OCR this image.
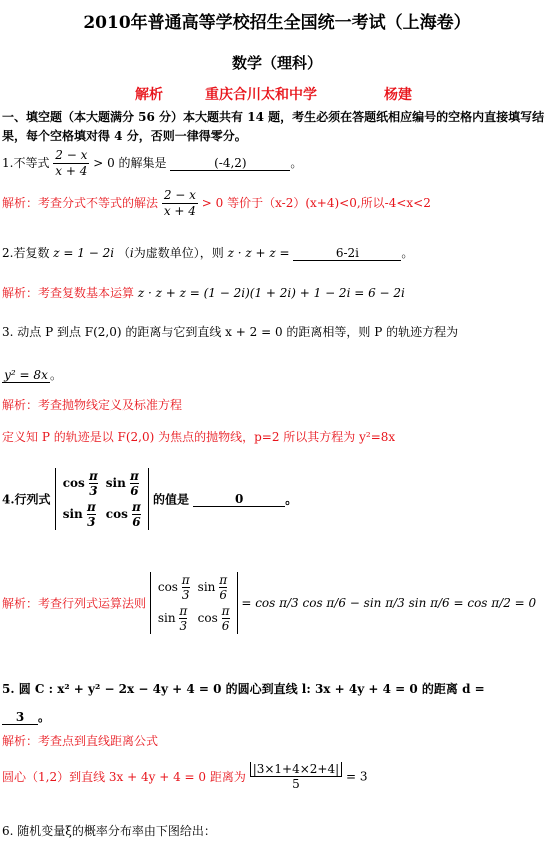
2010年普通高等学校招生全国统一考试（上海卷）
数学（理科）
解析	重庆合川太和中学	杨建
一、填空题（本大题满分 56 分）本大题共有 14 题，考生必须在答题纸相应编号的空格内直接填写结果，每个空格填对得 4 分，否则一律得零分。
1.不等式 $\frac{2 - x}{x + 4} > 0$ 的解集是	(-4,2)	。
解析：考查分式不等式的解法 $\frac{2 - x}{x + 4} > 0$ 等价于（x-2）(x+4)<0,所以-4<x<2
2.若复数 z = 1 − 2i （i为虚数单位），则 z · z + z =	6-2i	。
解析：考查复数基本运算 z · z + z = (1 − 2i)(1 + 2i) + 1 − 2i = 6 − 2i
3. 动点 P 到点 F(2,0) 的距离与它到直线 x + 2 = 0 的距离相等，则 P 的轨迹方程为
y² = 8x 。
解析：考查抛物线定义及标准方程
定义知 P 的轨迹是以 F(2,0) 为焦点的抛物线，p=2 所以其方程为 y²=8x
4.行列式 $\cos \frac{\pi}{3}$	$\sin \frac{\pi}{6}$

$\sin \frac{\pi}{3}$	$\cos \frac{\pi}{6}$
的值是	0	。
解析：考查行列式运算法则 $\cos \frac{\pi}{3}$	$\sin \frac{\pi}{6}$

$\sin \frac{\pi}{3}$	$\cos \frac{\pi}{6}$
= cos π/3 cos π/6 − sin π/3 sin π/6 = cos π/2 = 0
5. 圆 C : x² + y² − 2x − 4y + 4 = 0 的圆心到直线 l: 3x + 4y + 4 = 0 的距离 d =
3 。
解析：考查点到直线距离公式
圆心（1,2）到直线 3x + 4y + 4 = 0 距离为 $\frac{|3\times 1+4\times 2+4|}{5} = 3$
6. 随机变量ξ的概率分布率由下图给出：
